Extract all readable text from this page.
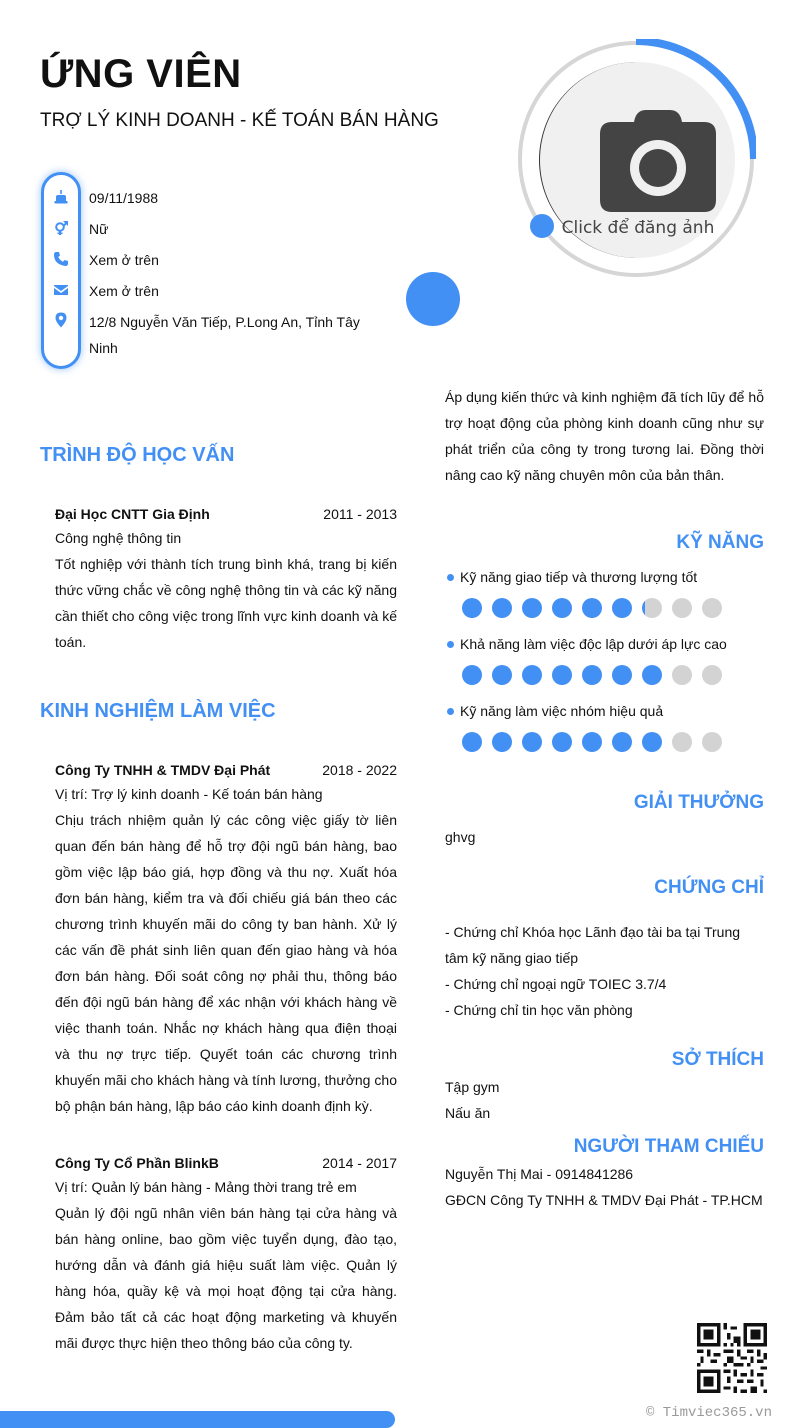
ỨNG VIÊN
TRỢ LÝ KINH DOANH - KẾ TOÁN BÁN HÀNG
09/11/1988
Nữ
Xem ở trên
Xem ở trên
12/8 Nguyễn Văn Tiếp, P.Long An, Tỉnh Tây Ninh
Click để đăng ảnh
Áp dụng kiến thức và kinh nghiệm đã tích lũy để hỗ trợ hoạt động của phòng kinh doanh cũng như sự phát triển của công ty trong tương lai. Đồng thời nâng cao kỹ năng chuyên môn của bản thân.
TRÌNH ĐỘ HỌC VẤN
Đại Học CNTT Gia Định	2011 - 2013
Công nghệ thông tin
Tốt nghiệp với thành tích trung bình khá, trang bị kiến thức vững chắc về công nghệ thông tin và các kỹ năng cần thiết cho công việc trong lĩnh vực kinh doanh và kế toán.
KINH NGHIỆM LÀM VIỆC
Công Ty TNHH & TMDV Đại Phát	2018 - 2022
Vị trí: Trợ lý kinh doanh - Kế toán bán hàng
Chịu trách nhiệm quản lý các công việc giấy tờ liên quan đến bán hàng để hỗ trợ đội ngũ bán hàng, bao gồm việc lập báo giá, hợp đồng và thu nợ. Xuất hóa đơn bán hàng, kiểm tra và đối chiếu giá bán theo các chương trình khuyến mãi do công ty ban hành. Xử lý các vấn đề phát sinh liên quan đến giao hàng và hóa đơn bán hàng. Đối soát công nợ phải thu, thông báo đến đội ngũ bán hàng để xác nhận với khách hàng về việc thanh toán. Nhắc nợ khách hàng qua điện thoại và thu nợ trực tiếp. Quyết toán các chương trình khuyến mãi cho khách hàng và tính lương, thưởng cho bộ phận bán hàng, lập báo cáo kinh doanh định kỳ.
Công Ty Cổ Phần BlinkB	2014 - 2017
Vị trí: Quản lý bán hàng - Mảng thời trang trẻ em
Quản lý đội ngũ nhân viên bán hàng tại cửa hàng và bán hàng online, bao gồm việc tuyển dụng, đào tạo, hướng dẫn và đánh giá hiệu suất làm việc. Quản lý hàng hóa, quầy kệ và mọi hoạt động tại cửa hàng. Đảm bảo tất cả các hoạt động marketing và khuyến mãi được thực hiện theo thông báo của công ty.
KỸ NĂNG
Kỹ năng giao tiếp và thương lượng tốt
Khả năng làm việc độc lập dưới áp lực cao
Kỹ năng làm việc nhóm hiệu quả
GIẢI THƯỞNG
ghvg
CHỨNG CHỈ
- Chứng chỉ Khóa học Lãnh đạo tài ba tại Trung tâm kỹ năng giao tiếp
- Chứng chỉ ngoại ngữ TOIEC 3.7/4
- Chứng chỉ tin học văn phòng
SỞ THÍCH
Tập gym
Nấu ăn
NGƯỜI THAM CHIẾU
Nguyễn Thị Mai - 0914841286
GĐCN Công Ty TNHH & TMDV Đại Phát - TP.HCM
© Timviec365.vn
